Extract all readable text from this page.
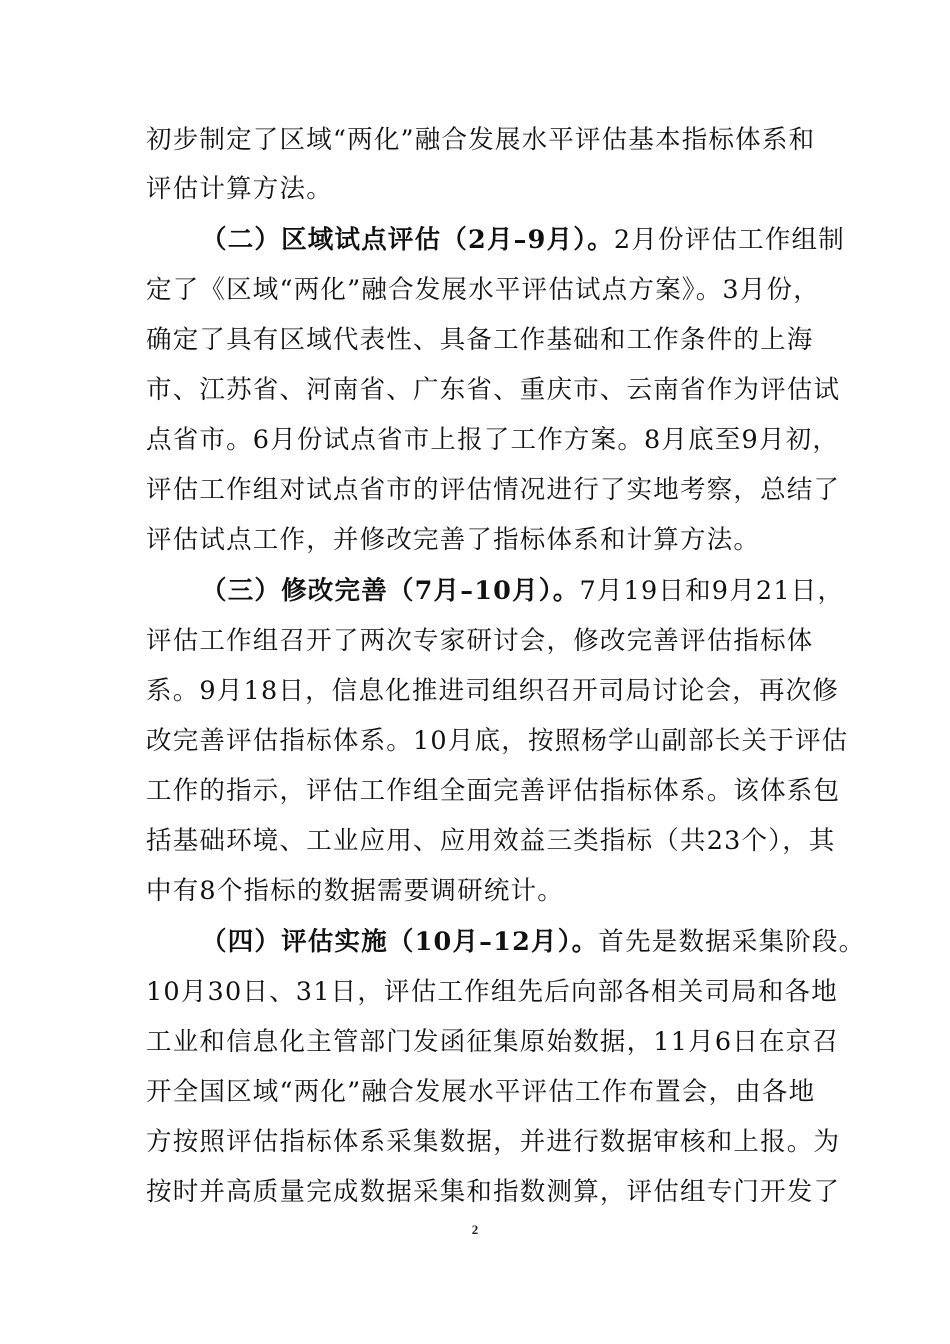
初步制定了区域“两化”融合发展水平评估基本指标体系和
评估计算方法。
（二）区域试点评估（2月–9月）。2月份评估工作组制
定了《区域“两化”融合发展水平评估试点方案》。3月份，
确定了具有区域代表性、具备工作基础和工作条件的上海
市、江苏省、河南省、广东省、重庆市、云南省作为评估试
点省市。6月份试点省市上报了工作方案。8月底至9月初，
评估工作组对试点省市的评估情况进行了实地考察，总结了
评估试点工作，并修改完善了指标体系和计算方法。
（三）修改完善（7月–10月）。7月19日和9月21日，
评估工作组召开了两次专家研讨会，修改完善评估指标体
系。9月18日，信息化推进司组织召开司局讨论会，再次修
改完善评估指标体系。10月底，按照杨学山副部长关于评估
工作的指示，评估工作组全面完善评估指标体系。该体系包
括基础环境、工业应用、应用效益三类指标（共23个），其
中有8个指标的数据需要调研统计。
（四）评估实施（10月–12月）。首先是数据采集阶段。
10月30日、31日，评估工作组先后向部各相关司局和各地
工业和信息化主管部门发函征集原始数据，11月6日在京召
开全国区域“两化”融合发展水平评估工作布置会，由各地
方按照评估指标体系采集数据，并进行数据审核和上报。为
按时并高质量完成数据采集和指数测算，评估组专门开发了
2
